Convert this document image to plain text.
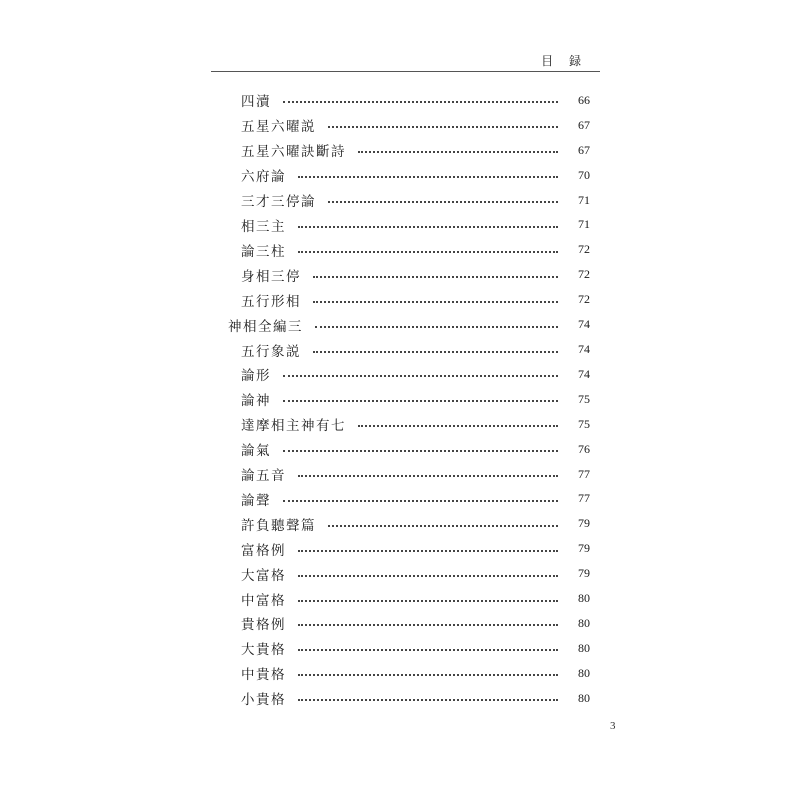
目 録
四瀆	66
五星六曜説	67
五星六曜訣斷詩	67
六府論	70
三才三停論	71
相三主	71
論三柱	72
身相三停	72
五行形相	72
神相全編三	74
五行象説	74
論形	74
論神	75
達摩相主神有七	75
論氣	76
論五音	77
論聲	77
許負聽聲篇	79
富格例	79
大富格	79
中富格	80
貴格例	80
大貴格	80
中貴格	80
小貴格	80
3
